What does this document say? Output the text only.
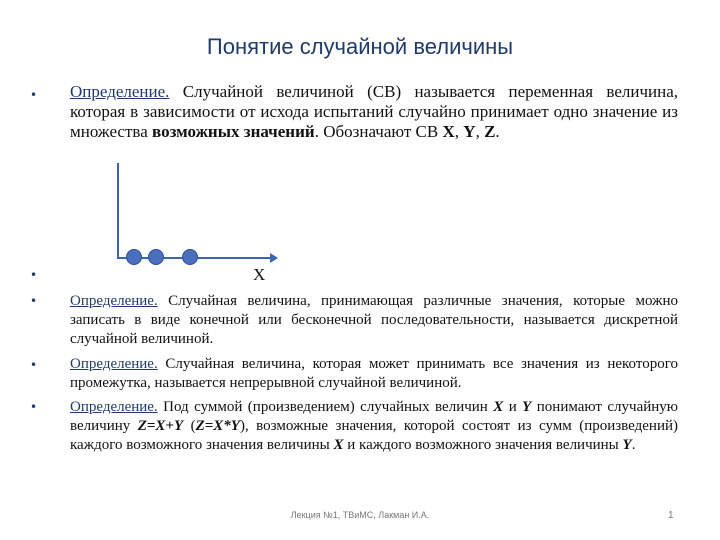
Понятие случайной величины
• Определение. Случайной величиной (СВ) называется переменная величина, которая в зависимости от исхода испытаний случайно принимает одно значение из множества возможных значений. Обозначают СВ X, Y, Z.
X
•
• Определение. Случайная величина, принимающая различные значения, которые можно записать в виде конечной или бесконечной последовательности, называется дискретной случайной величиной.
• Определение. Случайная величина, которая может принимать все значения из некоторого промежутка, называется непрерывной случайной величиной.
• Определение. Под суммой (произведением) случайных величин X и Y понимают случайную величину Z=X+Y (Z=X*Y), возможные значения, которой состоят из сумм (произведений) каждого возможного значения величины X и каждого возможного значения величины Y.
Лекция №1, ТВиМС, Лакман И.А.	1
